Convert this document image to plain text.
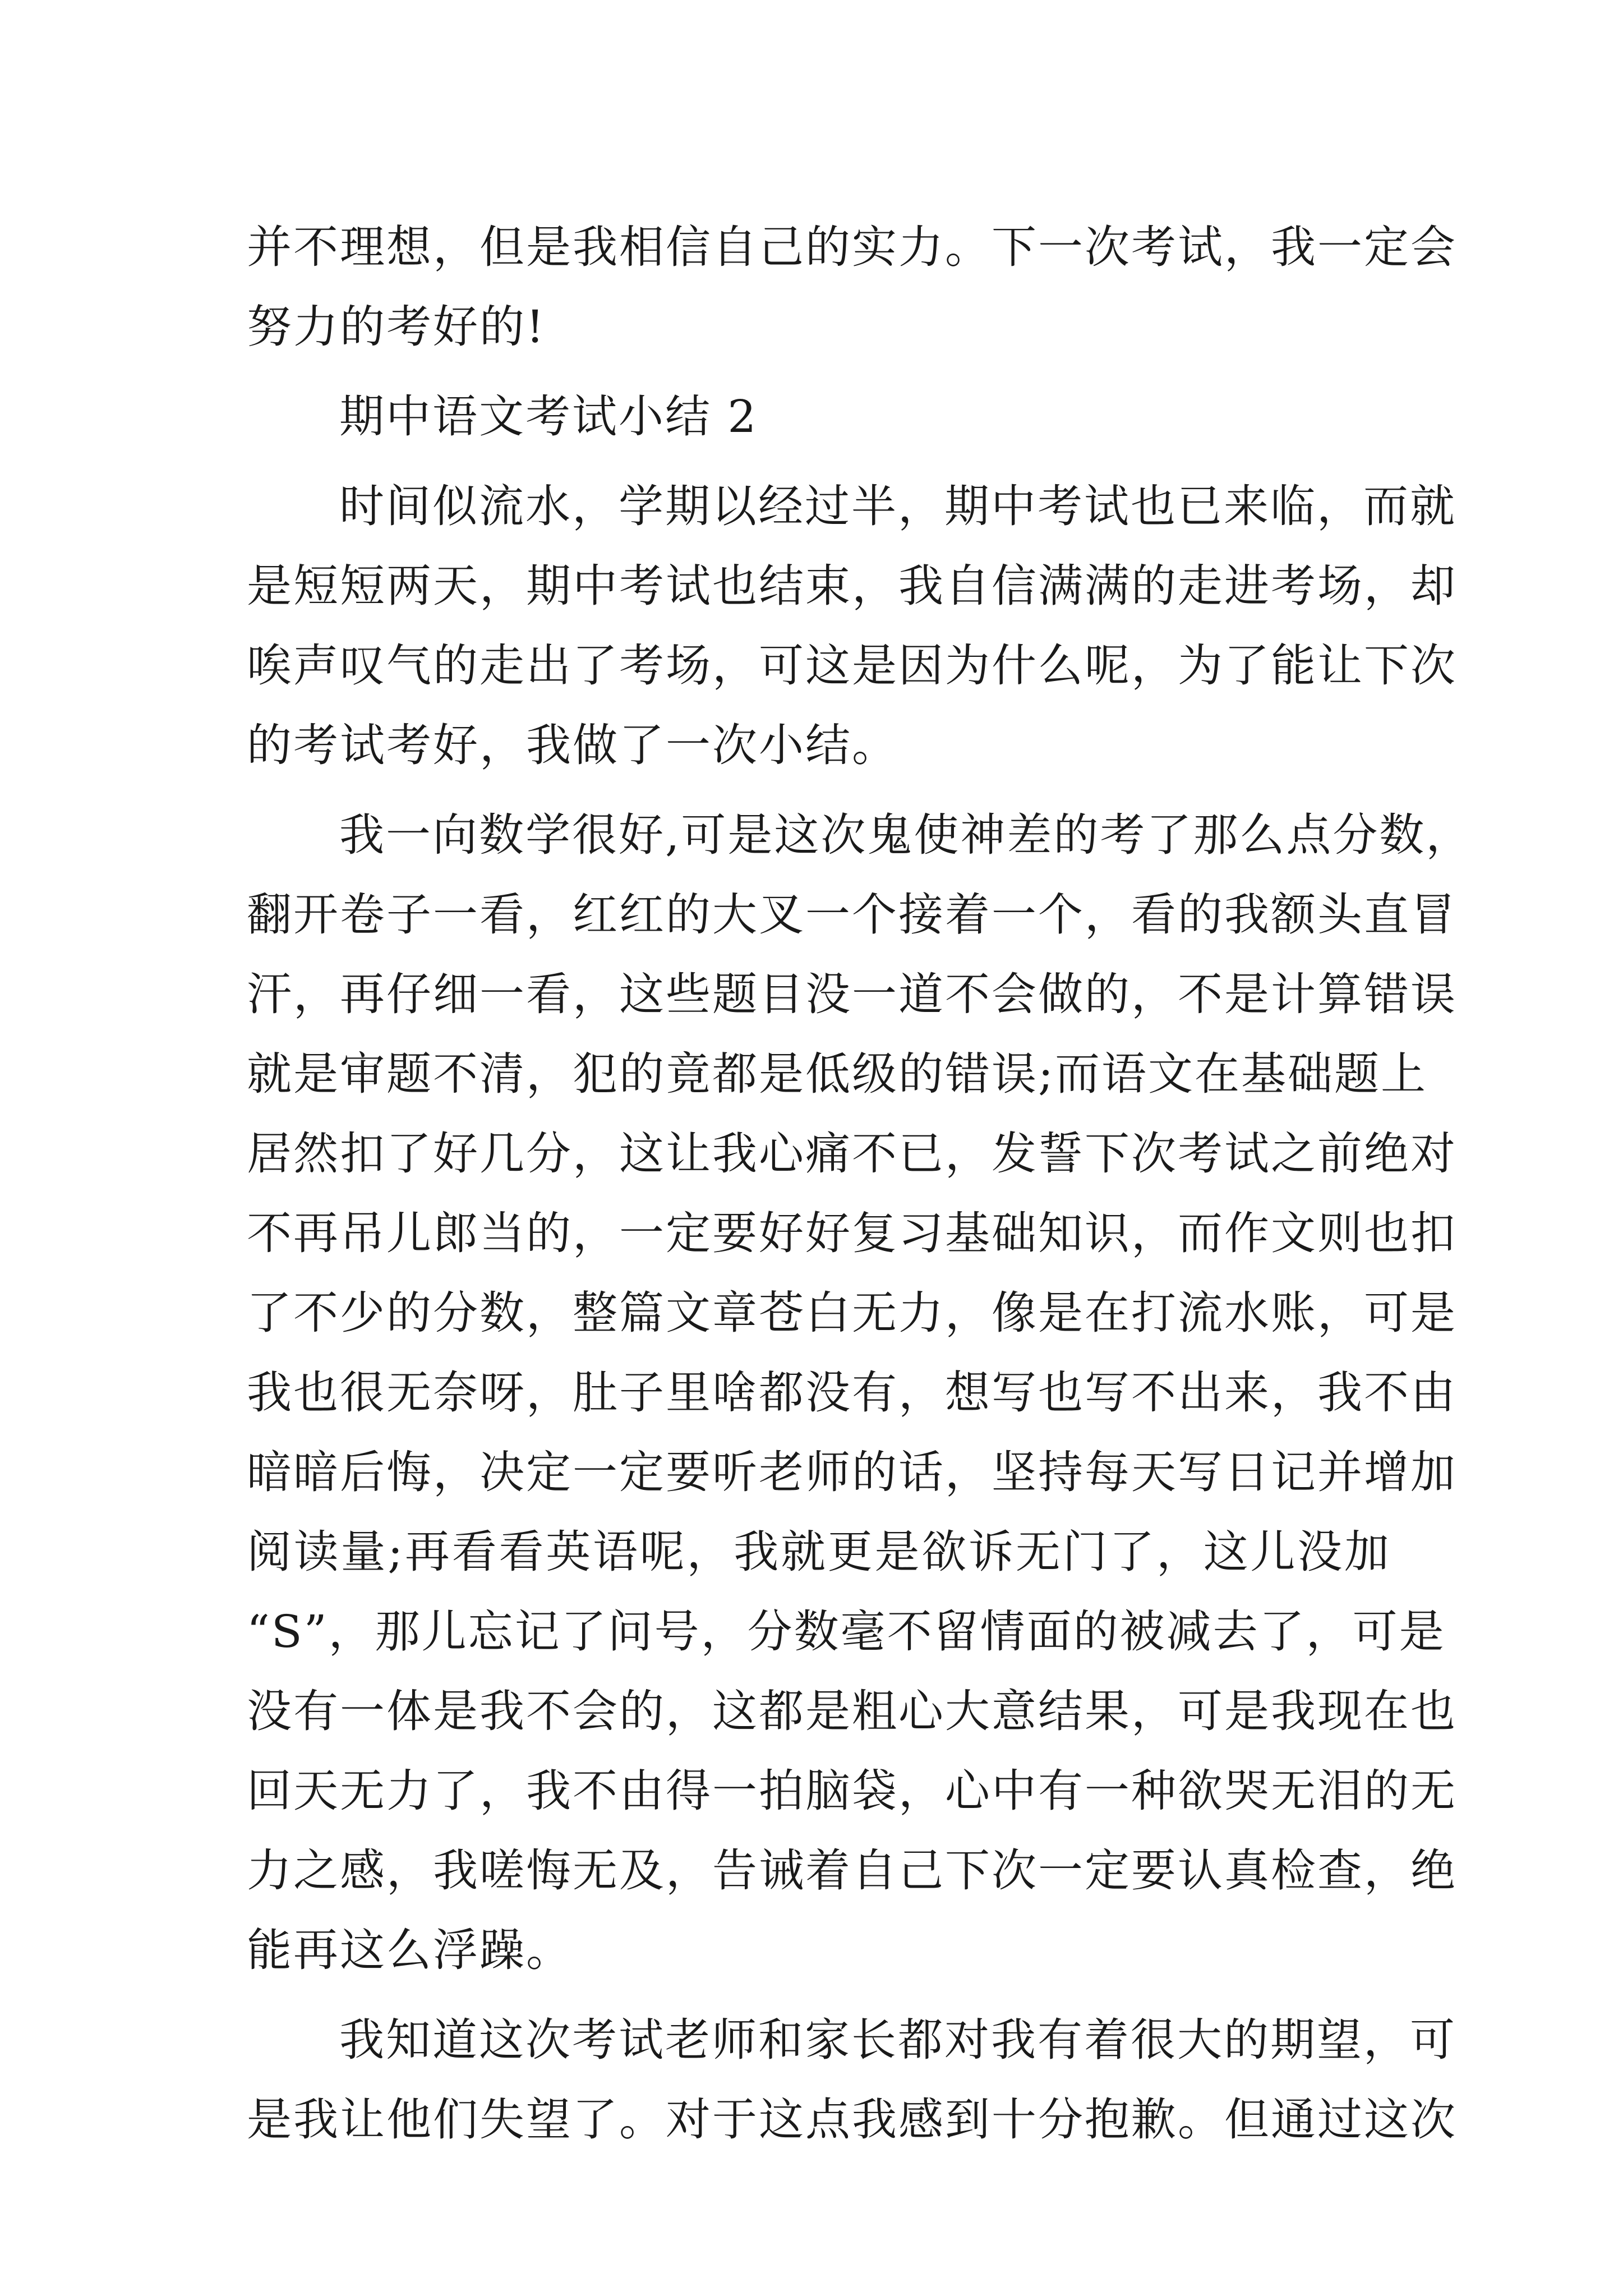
并不理想，但是我相信自己的实力。下一次考试，我一定会
努力的考好的!
期中语文考试小结 2
时间似流水，学期以经过半，期中考试也已来临，而就
是短短两天，期中考试也结束，我自信满满的走进考场，却
唉声叹气的走出了考场，可这是因为什么呢，为了能让下次
的考试考好，我做了一次小结。
我一向数学很好,可是这次鬼使神差的考了那么点分数，
翻开卷子一看，红红的大叉一个接着一个，看的我额头直冒
汗，再仔细一看，这些题目没一道不会做的，不是计算错误
就是审题不清，犯的竟都是低级的错误;而语文在基础题上
居然扣了好几分，这让我心痛不已，发誓下次考试之前绝对
不再吊儿郎当的，一定要好好复习基础知识，而作文则也扣
了不少的分数，整篇文章苍白无力，像是在打流水账，可是
我也很无奈呀，肚子里啥都没有，想写也写不出来，我不由
暗暗后悔，决定一定要听老师的话，坚持每天写日记并增加
阅读量;再看看英语呢，我就更是欲诉无门了，这儿没加
“S”，那儿忘记了问号，分数毫不留情面的被减去了，可是
没有一体是我不会的，这都是粗心大意结果，可是我现在也
回天无力了，我不由得一拍脑袋，心中有一种欲哭无泪的无
力之感，我嗟悔无及，告诫着自己下次一定要认真检查，绝
能再这么浮躁。
我知道这次考试老师和家长都对我有着很大的期望，可
是我让他们失望了。对于这点我感到十分抱歉。但通过这次
